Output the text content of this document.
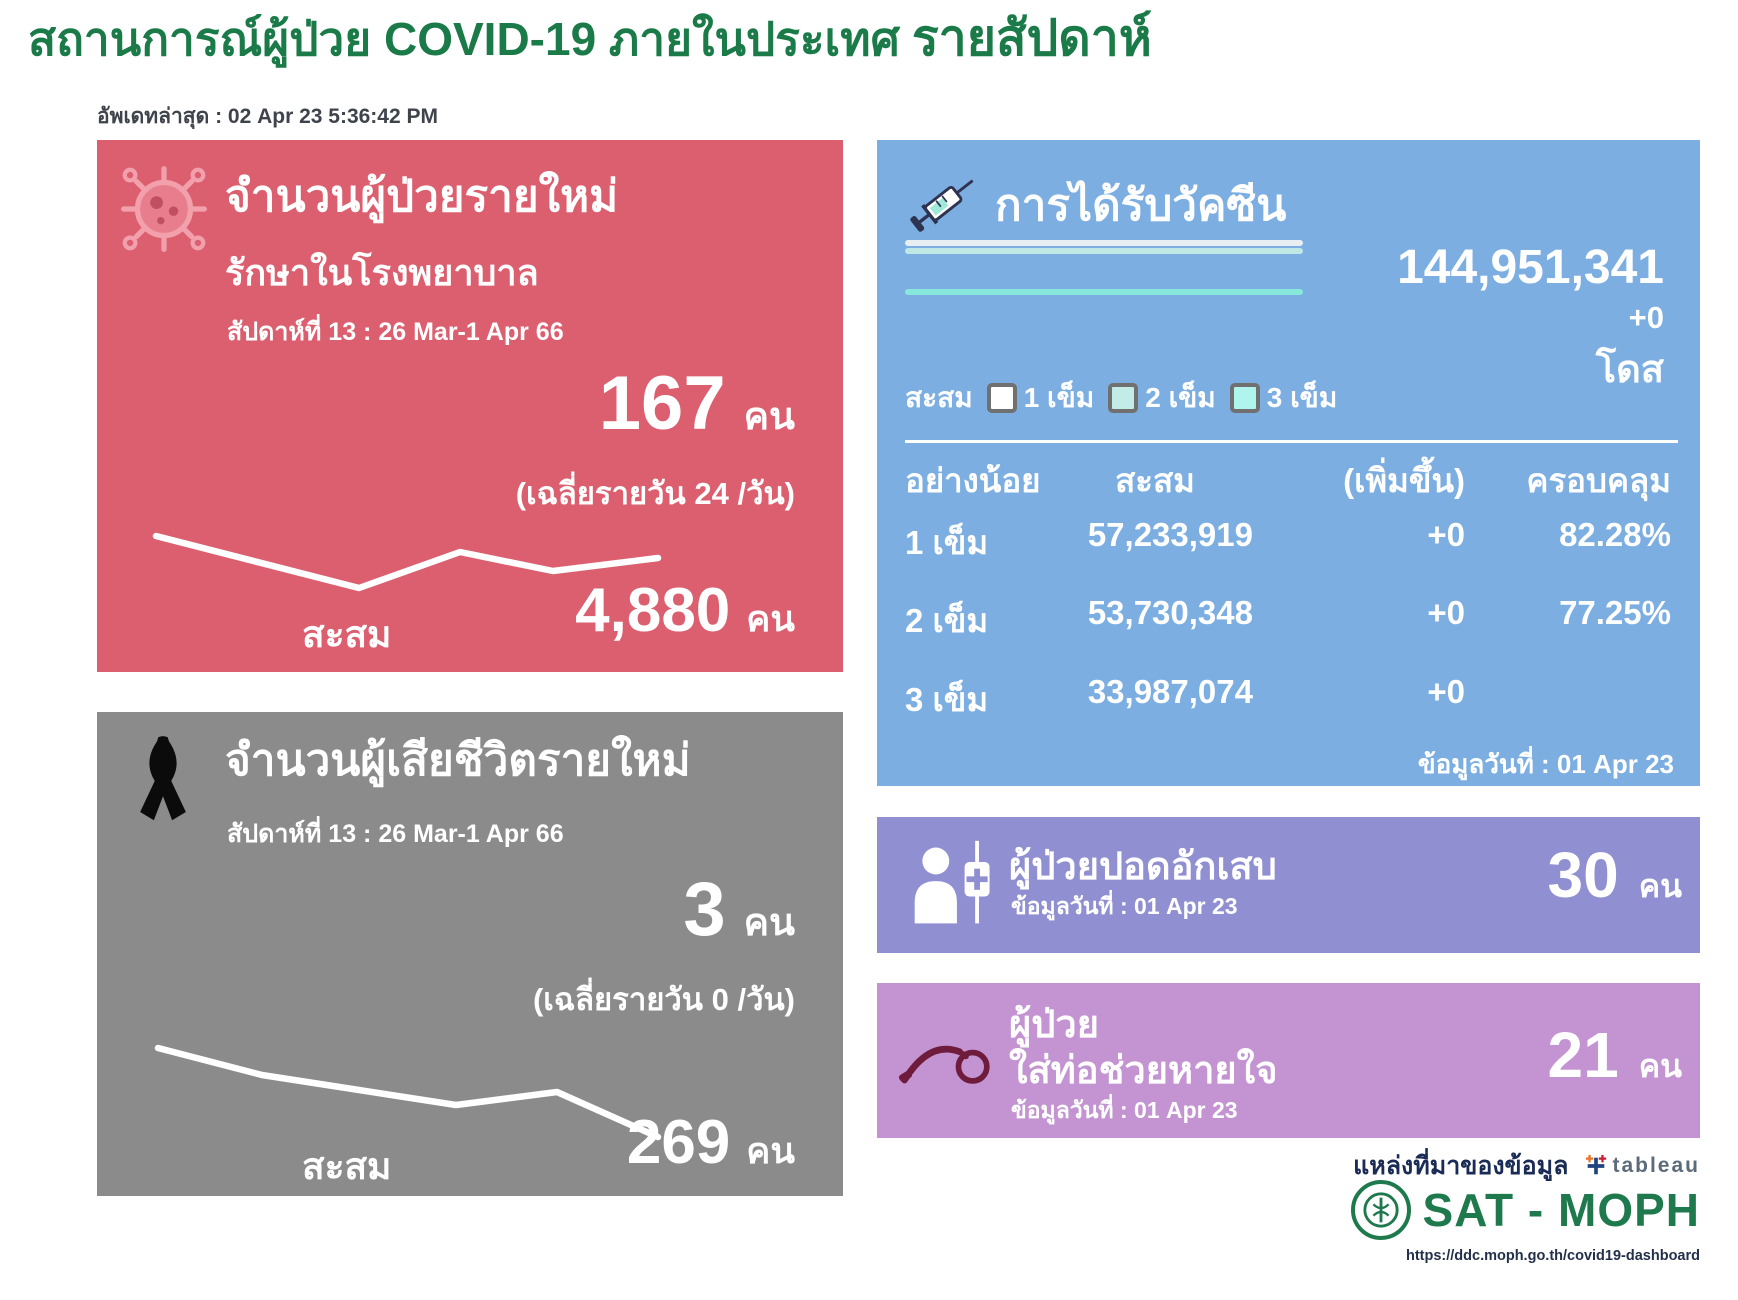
สถานการณ์ผู้ป่วย COVID-19 ภายในประเทศ รายสัปดาห์
อัพเดทล่าสุด : 02 Apr 23 5:36:42 PM
จำนวนผู้ป่วยรายใหม่
รักษาในโรงพยาบาล
สัปดาห์ที่ 13 : 26 Mar-1 Apr 66
167 คน
(เฉลี่ยรายวัน 24 /วัน)
สะสม	4,880 คน
จำนวนผู้เสียชีวิตรายใหม่
สัปดาห์ที่ 13 : 26 Mar-1 Apr 66
3 คน
(เฉลี่ยรายวัน 0 /วัน)
สะสม	269 คน
การได้รับวัคซีน
144,951,341
+0
โดส
สะสม 1 เข็ม 2 เข็ม 3 เข็ม
อย่างน้อย	สะสม	(เพิ่มขึ้น)	ครอบคลุม
1 เข็ม	57,233,919	+0	82.28%
2 เข็ม	53,730,348	+0	77.25%
3 เข็ม	33,987,074	+0
ข้อมูลวันที่ : 01 Apr 23
ผู้ป่วยปอดอักเสบ
ข้อมูลวันที่ : 01 Apr 23	30 คน
ผู้ป่วย
ใส่ท่อช่วยหายใจ
ข้อมูลวันที่ : 01 Apr 23
21 คน
แหล่งที่มาของข้อมูล tableau
SAT - MOPH
https://ddc.moph.go.th/covid19-dashboard
